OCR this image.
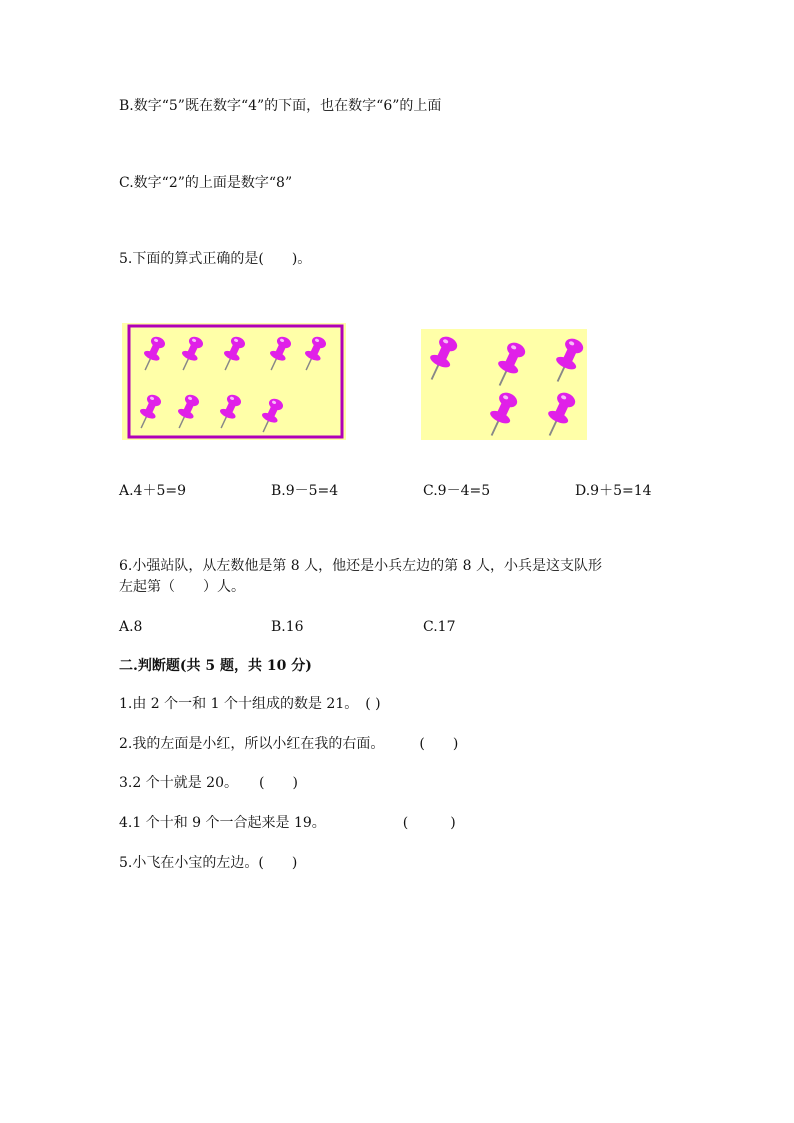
B.数字“5”既在数字“4”的下面，也在数字“6”的上面
C.数字“2”的上面是数字“8”
5.下面的算式正确的是(　　)。
A.4＋5=9	B.9－5=4	C.9－4=5	D.9＋5=14
6.小强站队，从左数他是第 8 人，他还是小兵左边的第 8 人，小兵是这支队形
左起第（　　）人。
A.8	B.16	C.17
二.判断题(共 5 题，共 10 分)
1.由 2 个一和 1 个十组成的数是 21。　( )
2.我的左面是小红，所以小红在我的右面。　　　(　　)
3.2 个十就是 20。　　(　　)
4.1 个十和 9 个一合起来是 19。　　　　　　(　　　)
5.小飞在小宝的左边。(　　)
